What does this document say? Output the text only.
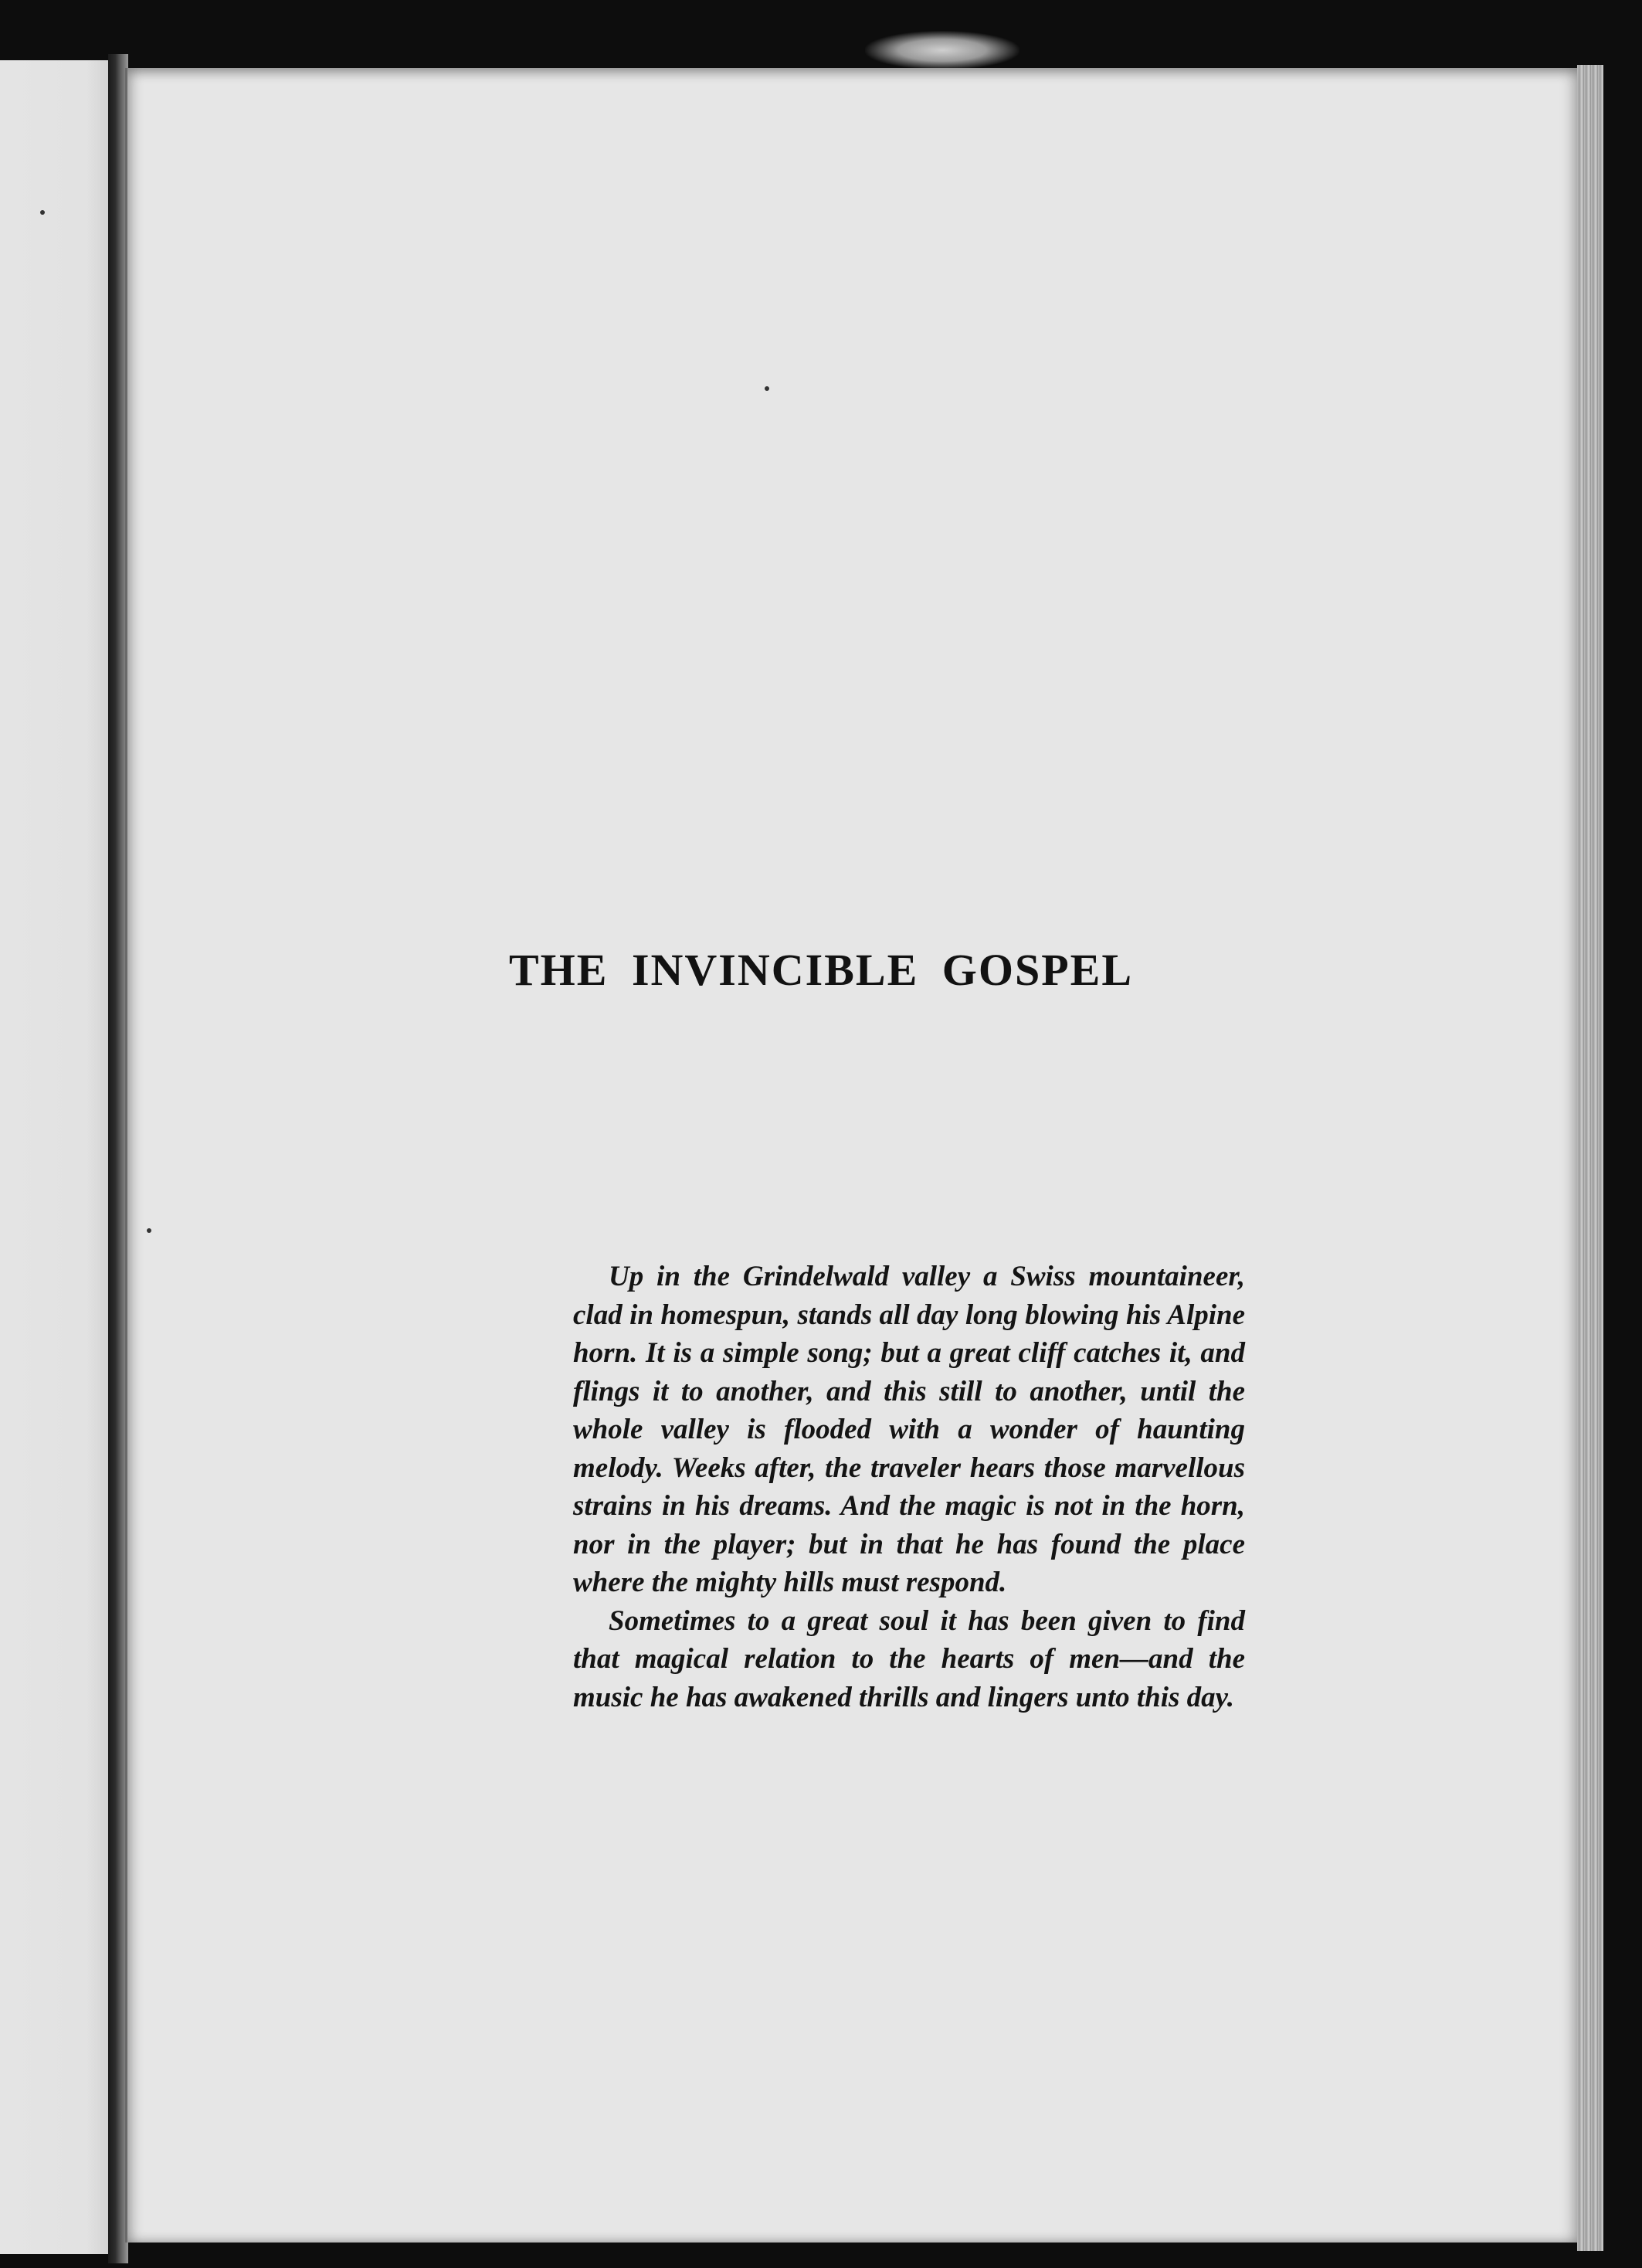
THE INVINCIBLE GOSPEL

Up in the Grindelwald valley a Swiss mountaineer, clad in homespun, stands all day long blowing his Alpine horn. It is a simple song; but a great cliff catches it, and flings it to another, and this still to another, until the whole valley is flooded with a wonder of haunting melody. Weeks after, the traveler hears those marvellous strains in his dreams. And the magic is not in the horn, nor in the player; but in that he has found the place where the mighty hills must respond.

Sometimes to a great soul it has been given to find that magical relation to the hearts of men—and the music he has awakened thrills and lingers unto this day.
